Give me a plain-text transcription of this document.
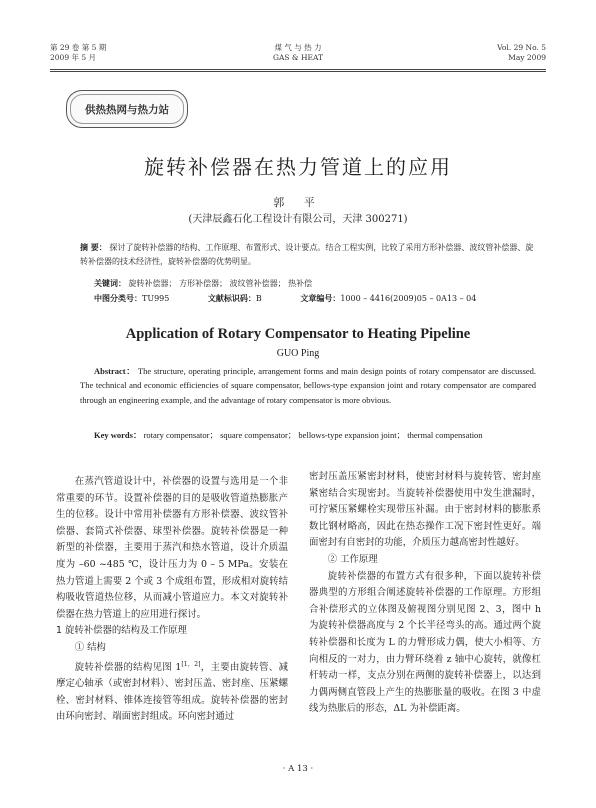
第 29 卷 第 5 期
2009 年 5 月
煤 气 与 热 力
GAS & HEAT
Vol. 29 No. 5
May 2009
供热热网与热力站
旋转补偿器在热力管道上的应用
郭 平
(天津辰鑫石化工程设计有限公司，天津 300271)
摘 要： 探讨了旋转补偿器的结构、工作原理、布置形式、设计要点。结合工程实例，比较了采用方形补偿器、波纹管补偿器、旋转补偿器的技术经济性，旋转补偿器的优势明显。
关键词： 旋转补偿器； 方形补偿器； 波纹管补偿器； 热补偿
中图分类号：TU995	文献标识码：B	文章编号：1000 – 4416(2009)05 – 0A13 – 04
Application of Rotary Compensator to Heating Pipeline
GUO Ping
Abstract： The structure, operating principle, arrangement forms and main design points of rotary compensator are discussed. The technical and economic efficiencies of square compensator, bellows-type expansion joint and rotary compensator are compared through an engineering example, and the advantage of rotary compensator is more obvious.
Key words： rotary compensator； square compensator； bellows-type expansion joint； thermal compensation

在蒸汽管道设计中，补偿器的设置与选用是一个非常重要的环节。设置补偿器的目的是吸收管道热膨胀产生的位移。设计中常用补偿器有方形补偿器、波纹管补偿器、套筒式补偿器、球型补偿器。旋转补偿器是一种新型的补偿器，主要用于蒸汽和热水管道，设计介质温度为 –60 ~485 ℃，设计压力为 0 – 5 MPa。安装在热力管道上需要 2 个或 3 个成组布置，形成相对旋转结构吸收管道热位移，从而减小管道应力。本文对旋转补偿器在热力管道上的应用进行探讨。

1 旋转补偿器的结构及工作原理
① 结构

旋转补偿器的结构见图 1[1，2]，主要由旋转管、减摩定心轴承（或密封材料）、密封压盖、密封座、压紧螺栓、密封材料、锥体连接管等组成。旋转补偿器的密封由环向密封、端面密封组成。环向密封通过

密封压盖压紧密封材料，使密封材料与旋转管、密封座紧密结合实现密封。当旋转补偿器使用中发生泄漏时，可拧紧压紧螺栓实现带压补漏。由于密封材料的膨胀系数比钢材略高，因此在热态操作工况下密封性更好。端面密封有自密封的功能，介质压力越高密封性越好。

② 工作原理

旋转补偿器的布置方式有很多种，下面以旋转补偿器典型的方形组合阐述旋转补偿器的工作原理。方形组合补偿形式的立体图及俯视图分别见图 2、3，图中 h 为旋转补偿器高度与 2 个长半径弯头的高。通过两个旋转补偿器和长度为 L 的力臂形成力偶，使大小相等、方向相反的一对力，由力臂环绕着 z 轴中心旋转，就像杠杆转动一样，支点分别在两侧的旋转补偿器上，以达到力偶两侧直管段上产生的热膨胀量的吸收。在图 3 中虚线为热胀后的形态，ΔL 为补偿距离。

· A 13 ·
